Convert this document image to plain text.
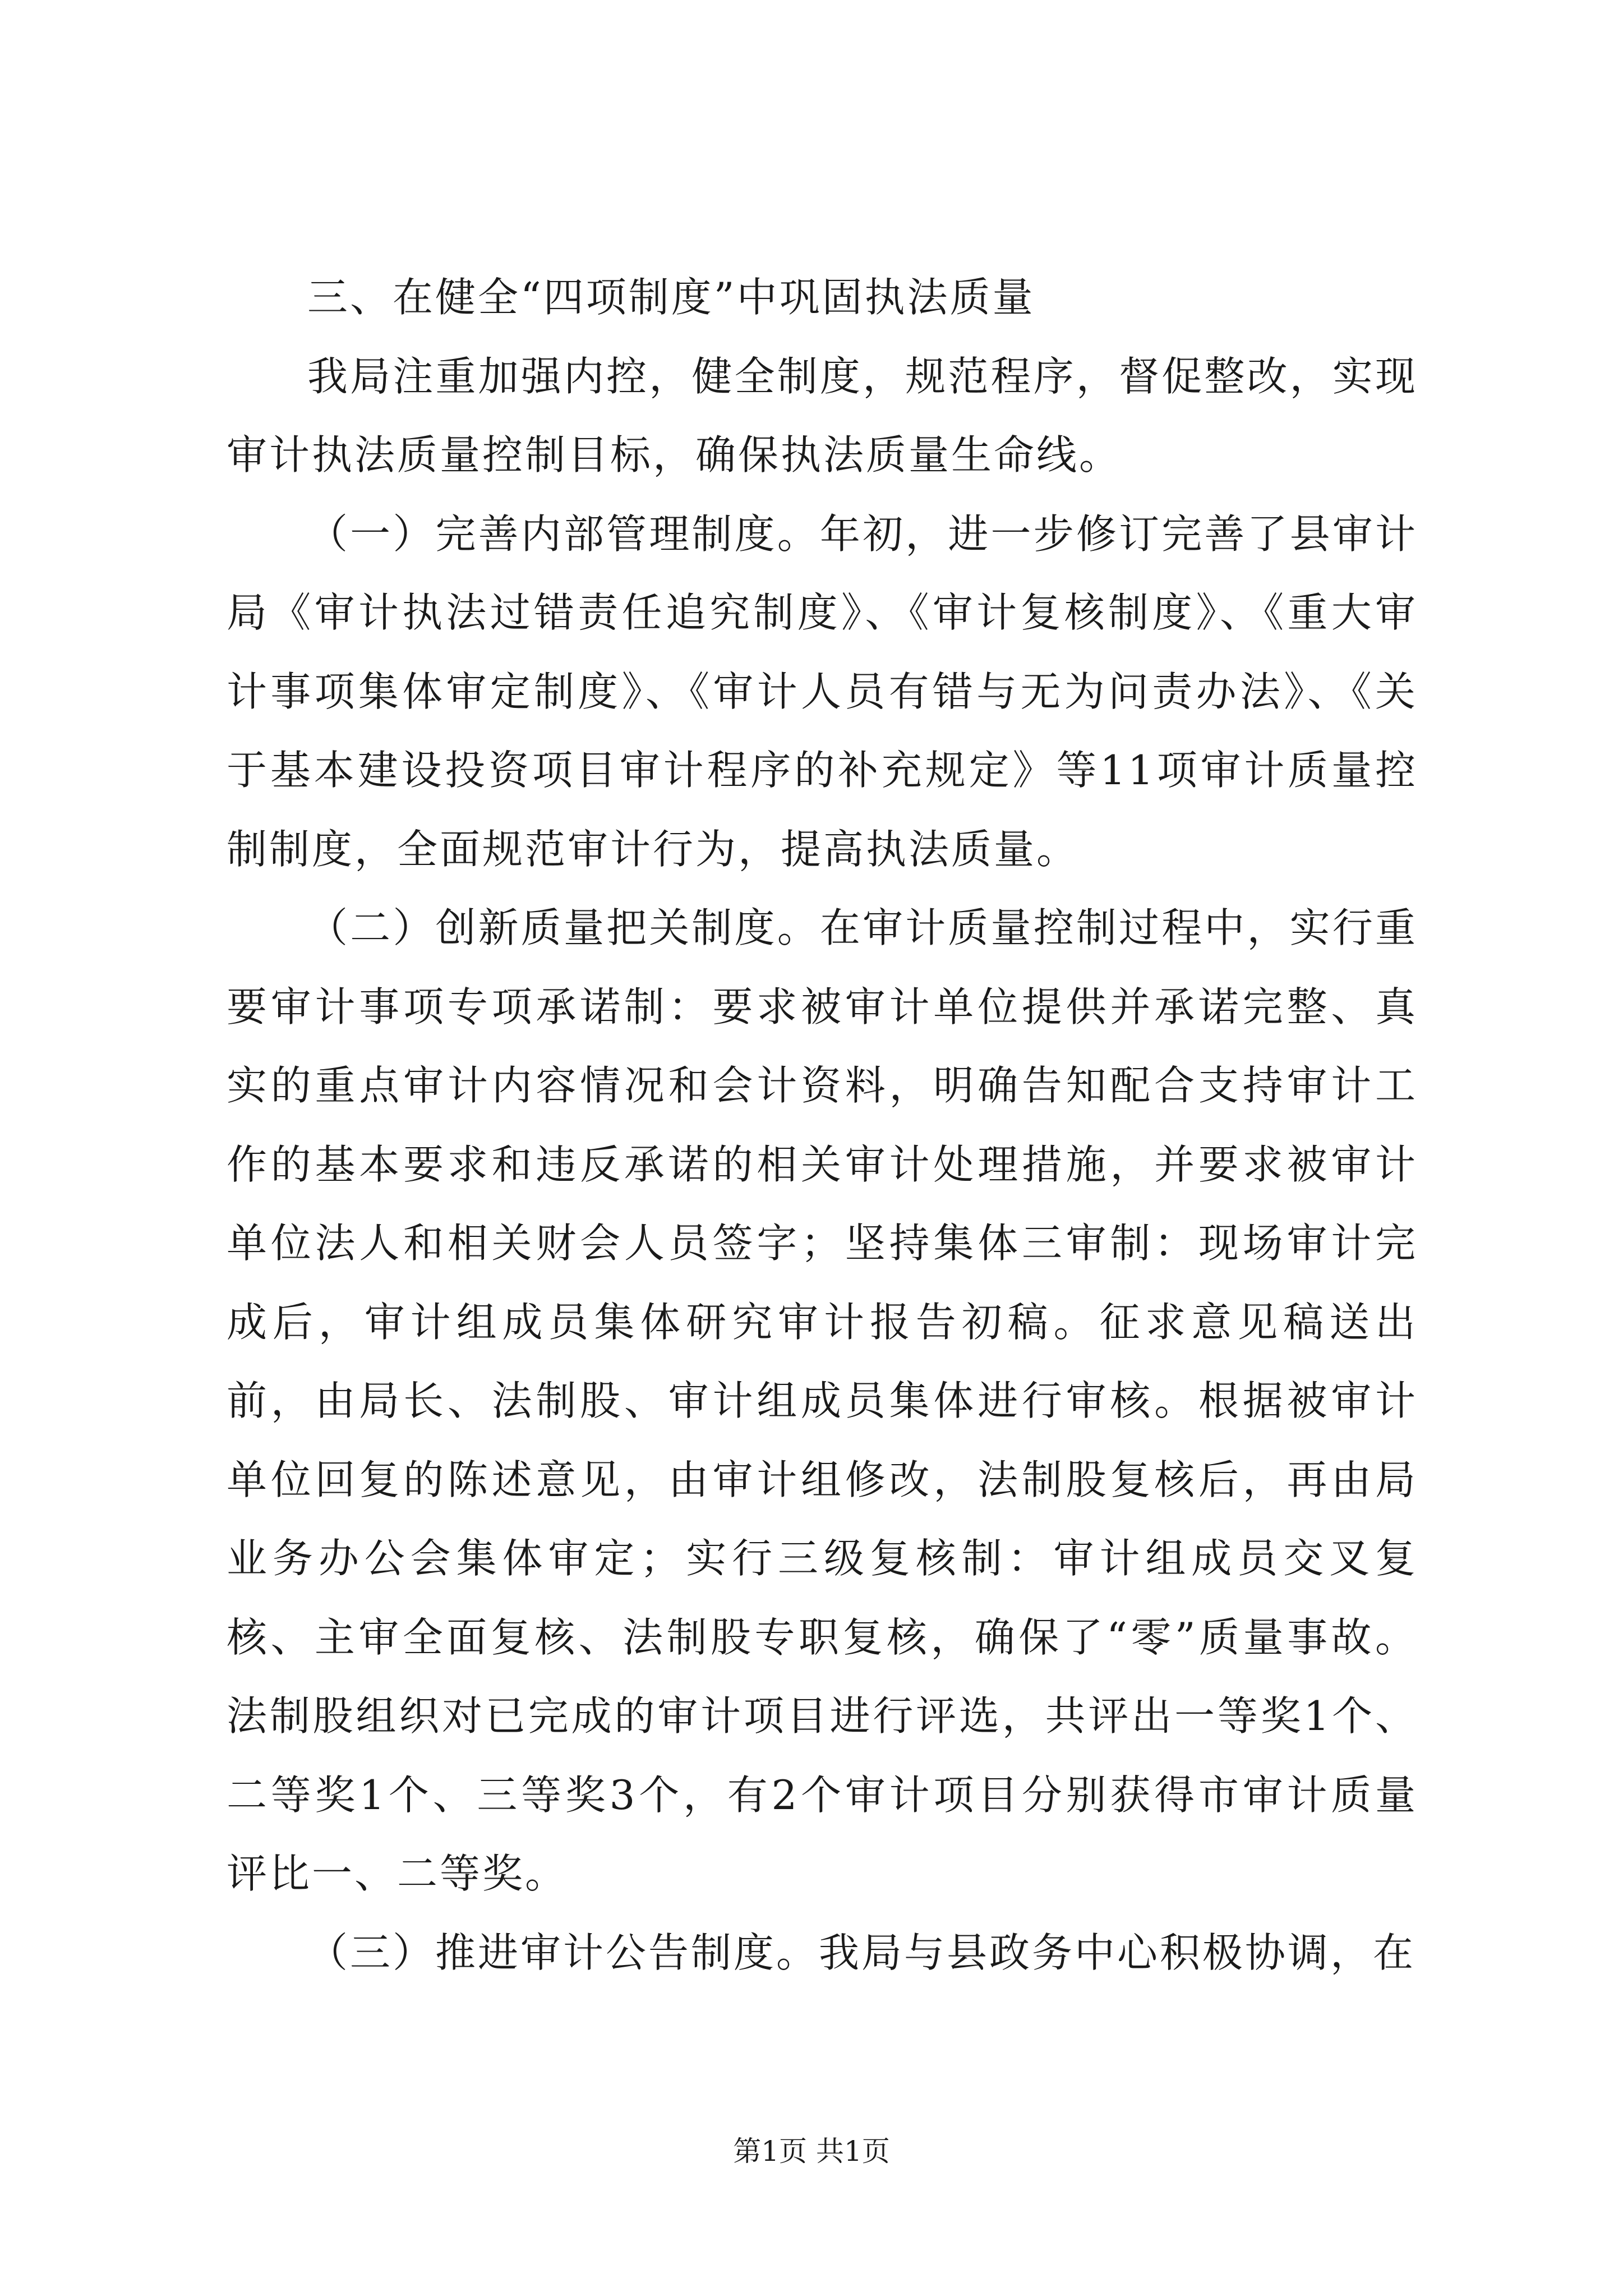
三、在健全“四项制度”中巩固执法质量

我局注重加强内控，健全制度，规范程序，督促整改，实现审计执法质量控制目标，确保执法质量生命线。

（一）完善内部管理制度。年初，进一步修订完善了县审计局《审计执法过错责任追究制度》、《审计复核制度》、《重大审计事项集体审定制度》、《审计人员有错与无为问责办法》、《关于基本建设投资项目审计程序的补充规定》等11项审计质量控制制度，全面规范审计行为，提高执法质量。

（二）创新质量把关制度。在审计质量控制过程中，实行重要审计事项专项承诺制：要求被审计单位提供并承诺完整、真实的重点审计内容情况和会计资料，明确告知配合支持审计工作的基本要求和违反承诺的相关审计处理措施，并要求被审计单位法人和相关财会人员签字；坚持集体三审制：现场审计完成后，审计组成员集体研究审计报告初稿。征求意见稿送出前，由局长、法制股、审计组成员集体进行审核。根据被审计单位回复的陈述意见，由审计组修改，法制股复核后，再由局业务办公会集体审定；实行三级复核制：审计组成员交叉复核、主审全面复核、法制股专职复核，确保了“零”质量事故。法制股组织对已完成的审计项目进行评选，共评出一等奖1个、二等奖1个、三等奖3个，有2个审计项目分别获得市审计质量评比一、二等奖。

（三）推进审计公告制度。我局与县政务中心积极协调，在

第1页 共1页
